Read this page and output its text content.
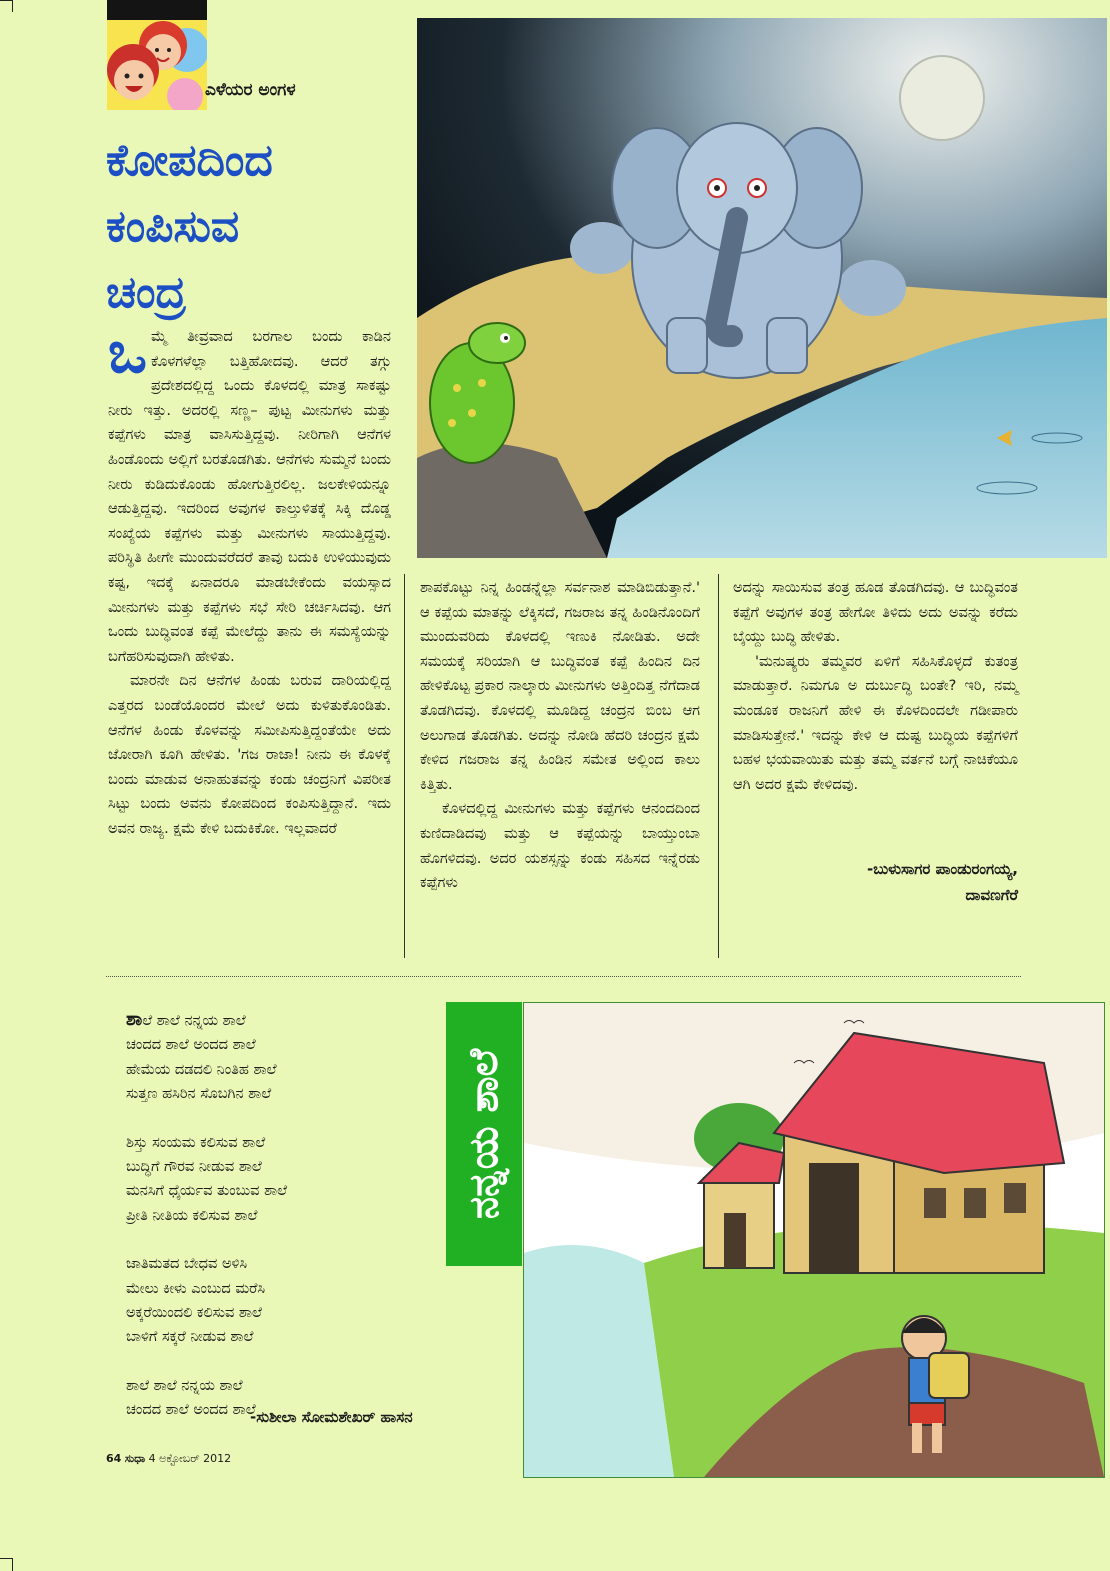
ಎಳೆಯರ ಅಂಗಳ
ಕೋಪದಿಂದ
ಕಂಪಿಸುವ
ಚಂದ್ರ

ಒಮ್ಮೆ ತೀವ್ರವಾದ ಬರಗಾಲ ಬಂದು ಕಾಡಿನ ಕೊಳಗಳೆಲ್ಲಾ ಬತ್ತಿಹೋದವು. ಆದರೆ ತಗ್ಗು ಪ್ರದೇಶದಲ್ಲಿದ್ದ ಒಂದು ಕೊಳದಲ್ಲಿ ಮಾತ್ರ ಸಾಕಷ್ಟು ನೀರು ಇತ್ತು. ಅದರಲ್ಲಿ ಸಣ್ಣ– ಪುಟ್ಟ ಮೀನುಗಳು ಮತ್ತು ಕಪ್ಪೆಗಳು ಮಾತ್ರ ವಾಸಿಸುತ್ತಿದ್ದವು. ನೀರಿಗಾಗಿ ಆನೆಗಳ ಹಿಂಡೊಂದು ಅಲ್ಲಿಗೆ ಬರತೊಡಗಿತು. ಆನೆಗಳು ಸುಮ್ಮನೆ ಬಂದು ನೀರು ಕುಡಿದುಕೊಂಡು ಹೋಗುತ್ತಿರಲಿಲ್ಲ. ಜಲಕೇಳಿಯನ್ನೂ ಆಡುತ್ತಿದ್ದವು. ಇದರಿಂದ ಅವುಗಳ ಕಾಲ್ತುಳಿತಕ್ಕೆ ಸಿಕ್ಕಿ ದೊಡ್ಡ ಸಂಖ್ಯೆಯ ಕಪ್ಪೆಗಳು ಮತ್ತು ಮೀನುಗಳು ಸಾಯುತ್ತಿದ್ದವು. ಪರಿಸ್ಥಿತಿ ಹೀಗೇ ಮುಂದುವರೆದರೆ ತಾವು ಬದುಕಿ ಉಳಿಯುವುದು ಕಷ್ಟ, ಇದಕ್ಕೆ ಏನಾದರೂ ಮಾಡಬೇಕೆಂದು ವಯಸ್ಸಾದ ಮೀನುಗಳು ಮತ್ತು ಕಪ್ಪೆಗಳು ಸಭೆ ಸೇರಿ ಚರ್ಚಿಸಿದವು. ಆಗ ಒಂದು ಬುದ್ಧಿವಂತ ಕಪ್ಪೆ ಮೇಲೆದ್ದು ತಾನು ಈ ಸಮಸ್ಯೆಯನ್ನು ಬಗೆಹರಿಸುವುದಾಗಿ ಹೇಳಿತು.

ಮಾರನೇ ದಿನ ಆನೆಗಳ ಹಿಂಡು ಬರುವ ದಾರಿಯಲ್ಲಿದ್ದ ಎತ್ತರದ ಬಂಡೆಯೊಂದರ ಮೇಲೆ ಅದು ಕುಳಿತುಕೊಂಡಿತು. ಆನೆಗಳ ಹಿಂಡು ಕೊಳವನ್ನು ಸಮೀಪಿಸುತ್ತಿದ್ದಂತೆಯೇ ಅದು ಜೋರಾಗಿ ಕೂಗಿ ಹೇಳಿತು. 'ಗಜ ರಾಜಾ! ನೀನು ಈ ಕೊಳಕ್ಕೆ ಬಂದು ಮಾಡುವ ಅನಾಹುತವನ್ನು ಕಂಡು ಚಂದ್ರನಿಗೆ ವಿಪರೀತ ಸಿಟ್ಟು ಬಂದು ಅವನು ಕೋಪದಿಂದ ಕಂಪಿಸುತ್ತಿದ್ದಾನೆ. ಇದು ಅವನ ರಾಜ್ಯ. ಕ್ಷಮೆ ಕೇಳಿ ಬದುಕಿಕೋ. ಇಲ್ಲವಾದರೆ

ಶಾಪಕೊಟ್ಟು ನಿನ್ನ ಹಿಂಡನ್ನೆಲ್ಲಾ ಸರ್ವನಾಶ ಮಾಡಿಬಿಡುತ್ತಾನೆ.' ಆ ಕಪ್ಪೆಯ ಮಾತನ್ನು ಲೆಕ್ಕಿಸದೆ, ಗಜರಾಜ ತನ್ನ ಹಿಂಡಿನೊಂದಿಗೆ ಮುಂದುವರಿದು ಕೊಳದಲ್ಲಿ ಇಣುಕಿ ನೋಡಿತು. ಅದೇ ಸಮಯಕ್ಕೆ ಸರಿಯಾಗಿ ಆ ಬುದ್ಧಿವಂತ ಕಪ್ಪೆ ಹಿಂದಿನ ದಿನ ಹೇಳಿಕೊಟ್ಟ ಪ್ರಕಾರ ನಾಲ್ಕಾರು ಮೀನುಗಳು ಅತ್ತಿಂದಿತ್ತ ನೆಗೆದಾಡ ತೊಡಗಿದವು. ಕೊಳದಲ್ಲಿ ಮೂಡಿದ್ದ ಚಂದ್ರನ ಬಿಂಬ ಆಗ ಅಲುಗಾಡ ತೊಡಗಿತು. ಅದನ್ನು ನೋಡಿ ಹೆದರಿ ಚಂದ್ರನ ಕ್ಷಮೆ ಕೇಳಿದ ಗಜರಾಜ ತನ್ನ ಹಿಂಡಿನ ಸಮೇತ ಅಲ್ಲಿಂದ ಕಾಲು ಕಿತ್ತಿತು.

ಕೊಳದಲ್ಲಿದ್ದ ಮೀನುಗಳು ಮತ್ತು ಕಪ್ಪೆಗಳು ಆನಂದದಿಂದ ಕುಣಿದಾಡಿದವು ಮತ್ತು ಆ ಕಪ್ಪೆಯನ್ನು ಬಾಯ್ತುಂಬಾ ಹೊಗಳಿದವು. ಅದರ ಯಶಸ್ಸನ್ನು ಕಂಡು ಸಹಿಸದ ಇನ್ನೆರಡು ಕಪ್ಪೆಗಳು

ಅದನ್ನು ಸಾಯಿಸುವ ತಂತ್ರ ಹೂಡ ತೊಡಗಿದವು. ಆ ಬುದ್ಧಿವಂತ ಕಪ್ಪೆಗೆ ಅವುಗಳ ತಂತ್ರ ಹೇಗೋ ತಿಳಿದು ಅದು ಅವನ್ನು ಕರೆದು ಬೈಯ್ದು ಬುದ್ಧಿ ಹೇಳಿತು.

'ಮನುಷ್ಯರು ತಮ್ಮವರ ಏಳಿಗೆ ಸಹಿಸಿಕೊಳ್ಳದೆ ಕುತಂತ್ರ ಮಾಡುತ್ತಾರೆ. ನಿಮಗೂ ಅ ದುರ್ಬುದ್ಧಿ ಬಂತೇ? ಇರಿ, ನಮ್ಮ ಮಂಡೂಕ ರಾಜನಿಗೆ ಹೇಳಿ ಈ ಕೊಳದಿಂದಲೇ ಗಡೀಪಾರು ಮಾಡಿಸುತ್ತೇನೆ.' ಇದನ್ನು ಕೇಳಿ ಆ ದುಷ್ಟ ಬುದ್ಧಿಯ ಕಪ್ಪೆಗಳಿಗೆ ಬಹಳ ಭಯವಾಯಿತು ಮತ್ತು ತಮ್ಮ ವರ್ತನೆ ಬಗ್ಗೆ ನಾಚಿಕೆಯೂ ಆಗಿ ಅದರ ಕ್ಷಮೆ ಕೇಳಿದವು.

-ಬುಳುಸಾಗರ ಪಾಂಡುರಂಗಯ್ಯ,
ದಾವಣಗೆರೆ
ಶಾಲೆ ಶಾಲೆ ನನ್ನಯ ಶಾಲೆ
ಚಂದದ ಶಾಲೆ ಅಂದದ ಶಾಲೆ
ಹೇಮೆಯ ದಡದಲಿ ನಿಂತಿಹ ಶಾಲೆ
ಸುತ್ತಣ ಹಸಿರಿನ ಸೊಬಗಿನ ಶಾಲೆ
ಶಿಸ್ತು ಸಂಯಮ ಕಲಿಸುವ ಶಾಲೆ
ಬುದ್ಧಿಗೆ ಗೌರವ ನೀಡುವ ಶಾಲೆ
ಮನಸಿಗೆ ಧೈರ್ಯವ ತುಂಬುವ ಶಾಲೆ
ಪ್ರೀತಿ ನೀತಿಯ ಕಲಿಸುವ ಶಾಲೆ
ಜಾತಿಮತದ ಬೇಧವ ಅಳಿಸಿ
ಮೇಲು ಕೀಳು ಎಂಬುದ ಮರೆಸಿ
ಅಕ್ಕರೆಯಿಂದಲಿ ಕಲಿಸುವ ಶಾಲೆ
ಬಾಳಿಗೆ ಸಕ್ಕರೆ ನೀಡುವ ಶಾಲೆ
ಶಾಲೆ ಶಾಲೆ ನನ್ನಯ ಶಾಲೆ
ಚಂದದ ಶಾಲೆ ಅಂದದ ಶಾಲೆ
-ಸುಶೀಲಾ ಸೋಮಶೇಖರ್ ಹಾಸನ
64 ಸುಧಾ 4 ಅಕ್ಟೋಬರ್ 2012
ನನ್ನಯ ಶಾಲೆ
